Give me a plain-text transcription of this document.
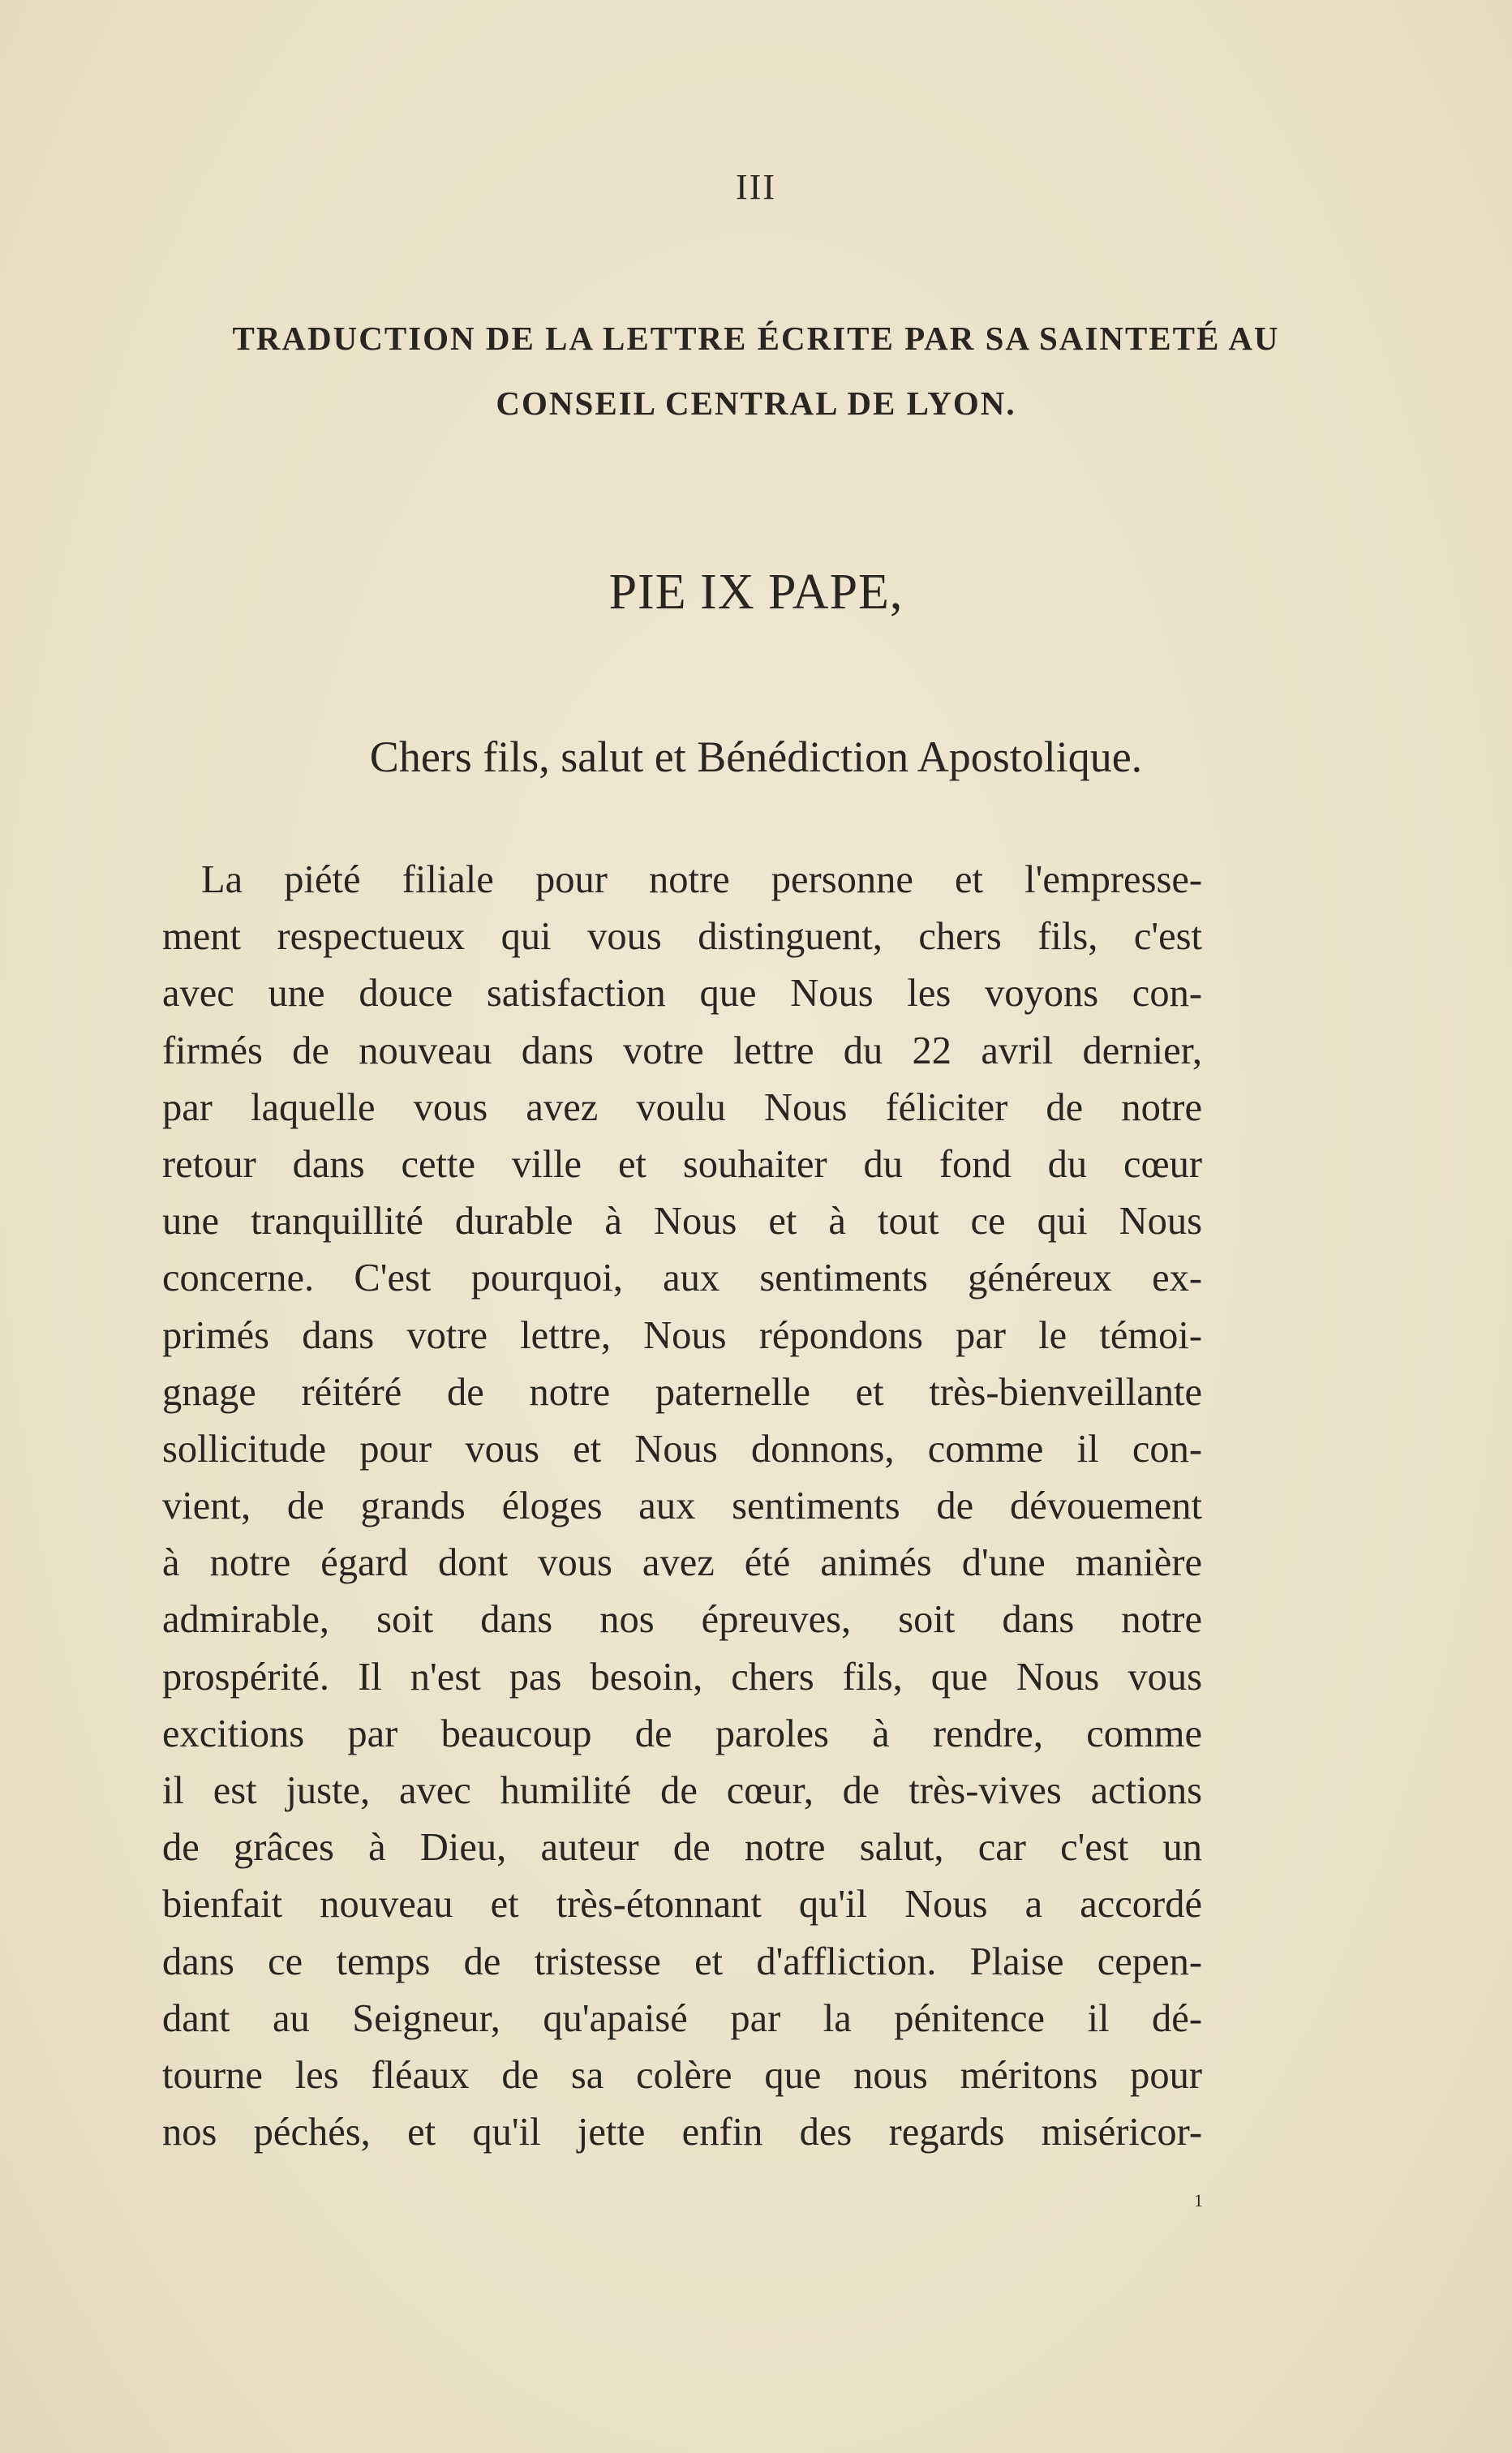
III
TRADUCTION DE LA LETTRE ÉCRITE PAR SA SAINTETÉ AU
CONSEIL CENTRAL DE LYON.
PIE IX PAPE,
Chers fils, salut et Bénédiction Apostolique.
La piété filiale pour notre personne et l'empresse-
ment respectueux qui vous distinguent, chers fils, c'est
avec une douce satisfaction que Nous les voyons con-
firmés de nouveau dans votre lettre du 22 avril dernier,
par laquelle vous avez voulu Nous féliciter de notre
retour dans cette ville et souhaiter du fond du cœur
une tranquillité durable à Nous et à tout ce qui Nous
concerne. C'est pourquoi, aux sentiments généreux ex-
primés dans votre lettre, Nous répondons par le témoi-
gnage réitéré de notre paternelle et très-bienveillante
sollicitude pour vous et Nous donnons, comme il con-
vient, de grands éloges aux sentiments de dévouement
à notre égard dont vous avez été animés d'une manière
admirable, soit dans nos épreuves, soit dans notre
prospérité. Il n'est pas besoin, chers fils, que Nous vous
excitions par beaucoup de paroles à rendre, comme
il est juste, avec humilité de cœur, de très-vives actions
de grâces à Dieu, auteur de notre salut, car c'est un
bienfait nouveau et très-étonnant qu'il Nous a accordé
dans ce temps de tristesse et d'affliction. Plaise cepen-
dant au Seigneur, qu'apaisé par la pénitence il dé-
tourne les fléaux de sa colère que nous méritons pour
nos péchés, et qu'il jette enfin des regards miséricor-
1
